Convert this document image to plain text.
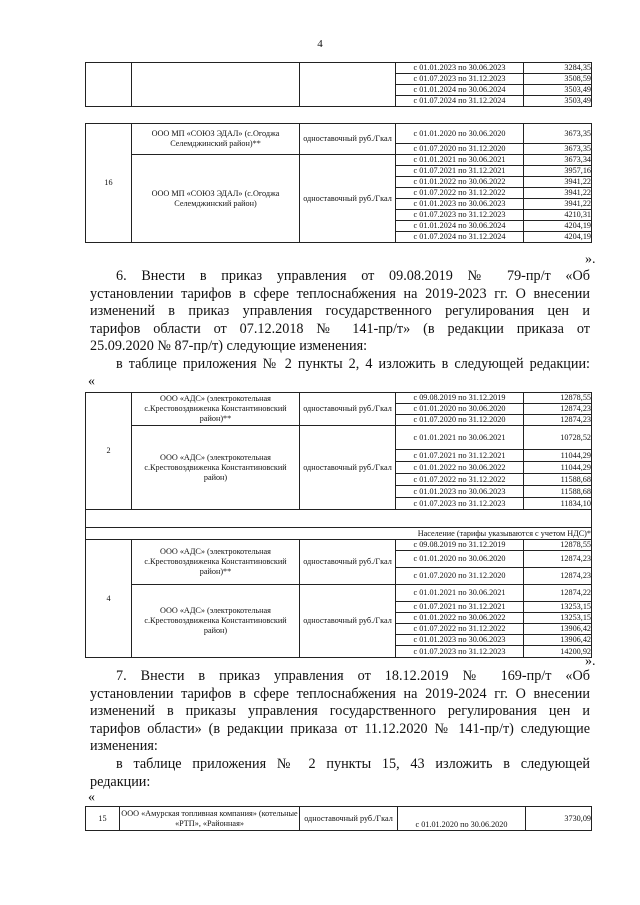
4
			с 01.01.2023 по 30.06.2023	3284,35
			с 01.07.2023 по 31.12.2023	3508,59
			с 01.01.2024 по 30.06.2024	3503,49
			с 01.07.2024 по 31.12.2024	3503,49
16	ООО МП «СОЮЗ ЭДАЛ» (с.Огоджа Селемджинский район)**	одноставочный руб./Гкал	с 01.01.2020 по 30.06.2020	3673,35
			с 01.07.2020 по 31.12.2020	3673,35
	ООО МП «СОЮЗ ЭДАЛ» (с.Огоджа Селемджинский район)	одноставочный руб./Гкал	с 01.01.2021 по 30.06.2021	3673,34
			с 01.07.2021 по 31.12.2021	3957,16
			с 01.01.2022 по 30.06.2022	3941,22
			с 01.07.2022 по 31.12.2022	3941,22
			с 01.01.2023 по 30.06.2023	3941,22
			с 01.07.2023 по 31.12.2023	4210,31
			с 01.01.2024 по 30.06.2024	4204,19
			с 01.07.2024 по 31.12.2024	4204,19
».
6. Внести в приказ управления от 09.08.2019 № 79-пр/т «Об
установлении тарифов в сфере теплоснабжения на 2019-2023 гг. О внесении
изменений в приказ управления государственного регулирования цен и
тарифов области от 07.12.2018 № 141-пр/т» (в редакции приказа от
25.09.2020 № 87-пр/т) следующие изменения:
в таблице приложения № 2 пункты 2, 4 изложить в следующей редакции:
«
2	ООО «АДС» (электрокотельная с.Крестовоздвиженка Константиновский район)**	одноставочный руб./Гкал	с 09.08.2019 по 31.12.2019	12878,55
			с 01.01.2020 по 30.06.2020	12874,23
			с 01.07.2020 по 31.12.2020	12874,23
	ООО «АДС» (электрокотельная с.Крестовоздвиженка Константиновский район)	одноставочный руб./Гкал	с 01.01.2021 по 30.06.2021	10728,52
			с 01.07.2021 по 31.12.2021	11044,29
			с 01.01.2022 по 30.06.2022	11044,29
			с 01.07.2022 по 31.12.2022	11588,68
			с 01.01.2023 по 30.06.2023	11588,68
			с 01.07.2023 по 31.12.2023	11834,10

Население (тарифы указываются с учетом НДС)*				
4	ООО «АДС» (электрокотельная с.Крестовоздвиженка Константиновский район)**	одноставочный руб./Гкал	с 09.08.2019 по 31.12.2019	12878,55
			с 01.01.2020 по 30.06.2020	12874,23
			с 01.07.2020 по 31.12.2020	12874,23
	ООО «АДС» (электрокотельная с.Крестовоздвиженка Константиновский район)	одноставочный руб./Гкал	с 01.01.2021 по 30.06.2021	12874,22
			с 01.07.2021 по 31.12.2021	13253,15
			с 01.01.2022 по 30.06.2022	13253,15
			с 01.07.2022 по 31.12.2022	13906,42
			с 01.01.2023 по 30.06.2023	13906,42
			с 01.07.2023 по 31.12.2023	14200,92
».
7. Внести в приказ управления от 18.12.2019 № 169-пр/т «Об
установлении тарифов в сфере теплоснабжения на 2019-2024 гг. О внесении
изменений в приказы управления государственного регулирования цен и
тарифов области» (в редакции приказа от 11.12.2020 № 141-пр/т) следующие
изменения:
в таблице приложения № 2 пункты 15, 43 изложить в следующей
редакции:
«
15	ООО «Амурская топливная компания» (котельные «РТП», «Районная»	одноставочный руб./Гкал	с 01.01.2020 по 30.06.2020	3730,09
